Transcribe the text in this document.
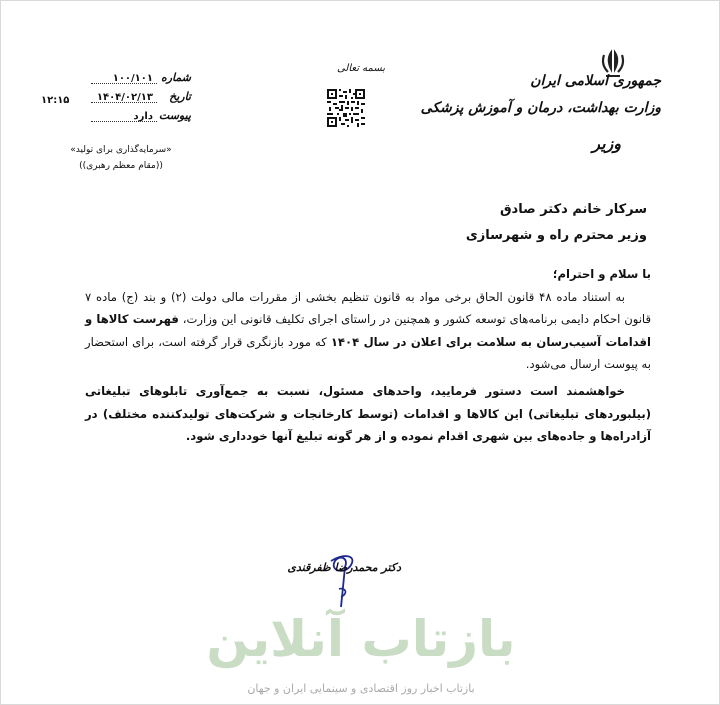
جمهوری اسلامی ایران
وزارت بهداشت، درمان و آموزش پزشکی
وزیر
بسمه تعالی
شماره
۱۰۰/۱۰۱
تاریخ
۱۴۰۴/۰۲/۱۳
پیوست
دارد
۱۲:۱۵
«سرمایه‌گذاری برای تولید»
((مقام معظم رهبری))
سرکار خانم دکتر صادق
وزیر محترم راه و شهرسازی

با سلام و احترام؛

به استناد ماده ۴۸ قانون الحاق برخی مواد به قانون تنظیم بخشی از مقررات مالی دولت (۲) و بند (ج) ماده ۷ قانون احکام دایمی برنامه‌های توسعه کشور و همچنین در راستای اجرای تکلیف قانونی این وزارت، فهرست کالاها و اقدامات آسیب‌رسان به سلامت برای اعلان در سال ۱۴۰۴ که مورد بازنگری قرار گرفته است، برای استحضار به پیوست ارسال می‌شود.

خواهشمند است دستور فرمایید، واحدهای مسئول، نسبت به جمع‌آوری تابلوهای تبلیغاتی (بیلبوردهای تبلیغاتی) این کالاها و اقدامات (توسط کارخانجات و شرکت‌های تولیدکننده مختلف) در آزادراه‌ها و جاده‌های بین شهری اقدام نموده و از هر گونه تبلیغ آنها خودداری شود.

دکتر محمدرضا ظفرقندی
بازتاب آنلاین
بازتاب اخبار روز اقتصادی و سینمایی ایران و جهان
